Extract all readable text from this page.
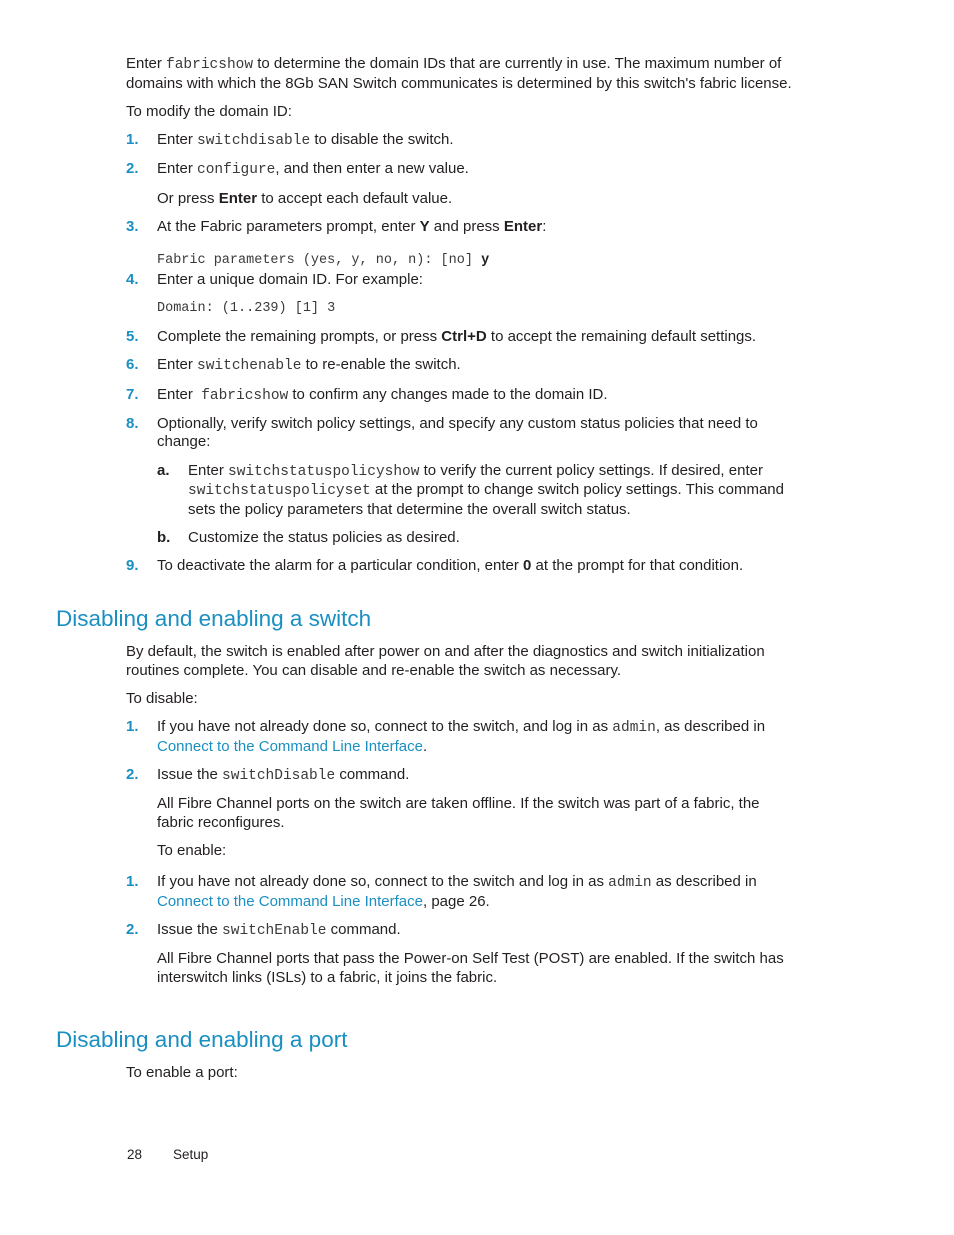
Enter fabricshow to determine the domain IDs that are currently in use. The maximum number of
domains with which the 8Gb SAN Switch communicates is determined by this switch's fabric license.
To modify the domain ID:
1. Enter switchdisable to disable the switch.
2. Enter configure, and then enter a new value.
Or press Enter to accept each default value.
3. At the Fabric parameters prompt, enter Y and press Enter:
Fabric parameters (yes, y, no, n): [no] y
4. Enter a unique domain ID. For example:
Domain: (1..239) [1] 3
5. Complete the remaining prompts, or press Ctrl+D to accept the remaining default settings.
6. Enter switchenable to re-enable the switch.
7. Enter  fabricshow to confirm any changes made to the domain ID.
8. Optionally, verify switch policy settings, and specify any custom status policies that need to
change:
a. Enter switchstatuspolicyshow to verify the current policy settings. If desired, enter
switchstatuspolicyset at the prompt to change switch policy settings. This command
sets the policy parameters that determine the overall switch status.
b. Customize the status policies as desired.
9. To deactivate the alarm for a particular condition, enter 0 at the prompt for that condition.
Disabling and enabling a switch
By default, the switch is enabled after power on and after the diagnostics and switch initialization
routines complete. You can disable and re-enable the switch as necessary.
To disable:
1. If you have not already done so, connect to the switch, and log in as admin, as described in
Connect to the Command Line Interface.
2. Issue the switchDisable command.
All Fibre Channel ports on the switch are taken offline. If the switch was part of a fabric, the
fabric reconfigures.
To enable:
1. If you have not already done so, connect to the switch and log in as admin as described in
Connect to the Command Line Interface, page 26.
2. Issue the switchEnable command.
All Fibre Channel ports that pass the Power-on Self Test (POST) are enabled. If the switch has
interswitch links (ISLs) to a fabric, it joins the fabric.
Disabling and enabling a port
To enable a port:
28 Setup
